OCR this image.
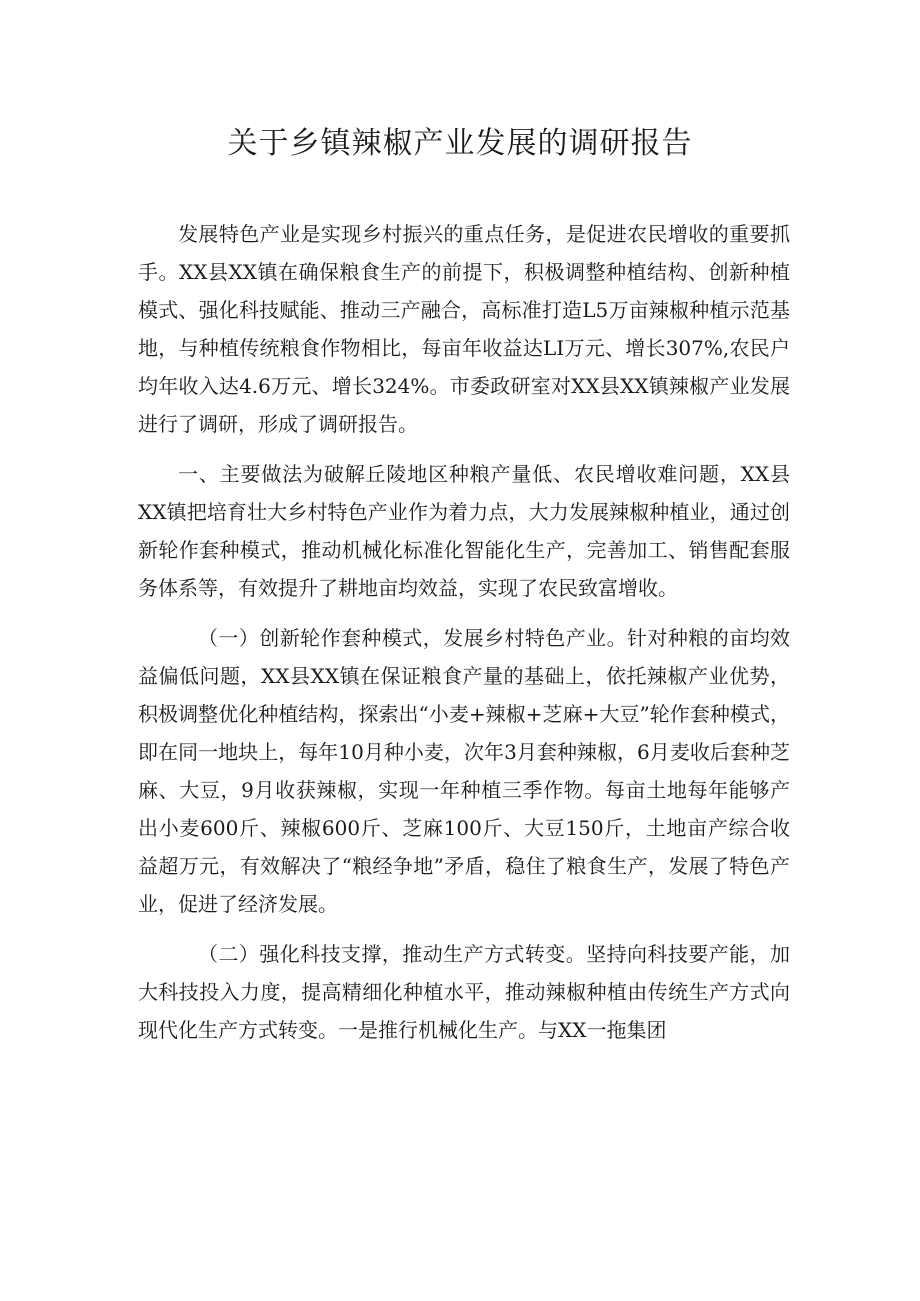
关于乡镇辣椒产业发展的调研报告

发展特色产业是实现乡村振兴的重点任务，是促进农民增收的重要抓手。XX县XX镇在确保粮食生产的前提下，积极调整种植结构、创新种植模式、强化科技赋能、推动三产融合，高标准打造L5万亩辣椒种植示范基地，与种植传统粮食作物相比，每亩年收益达LI万元、增长307%,农民户均年收入达4.6万元、增长324%。市委政研室对XX县XX镇辣椒产业发展进行了调研，形成了调研报告。

一、主要做法为破解丘陵地区种粮产量低、农民增收难问题，XX县XX镇把培育壮大乡村特色产业作为着力点，大力发展辣椒种植业，通过创新轮作套种模式，推动机械化标准化智能化生产，完善加工、销售配套服务体系等，有效提升了耕地亩均效益，实现了农民致富增收。

（一）创新轮作套种模式，发展乡村特色产业。针对种粮的亩均效益偏低问题，XX县XX镇在保证粮食产量的基础上，依托辣椒产业优势，积极调整优化种植结构，探索出“小麦+辣椒+芝麻+大豆”轮作套种模式，即在同一地块上，每年10月种小麦，次年3月套种辣椒，6月麦收后套种芝麻、大豆，9月收获辣椒，实现一年种植三季作物。每亩土地每年能够产出小麦600斤、辣椒600斤、芝麻100斤、大豆150斤，土地亩产综合收益超万元，有效解决了“粮经争地”矛盾，稳住了粮食生产，发展了特色产业，促进了经济发展。

（二）强化科技支撑，推动生产方式转变。坚持向科技要产能，加大科技投入力度，提高精细化种植水平，推动辣椒种植由传统生产方式向现代化生产方式转变。一是推行机械化生产。与XX一拖集团
